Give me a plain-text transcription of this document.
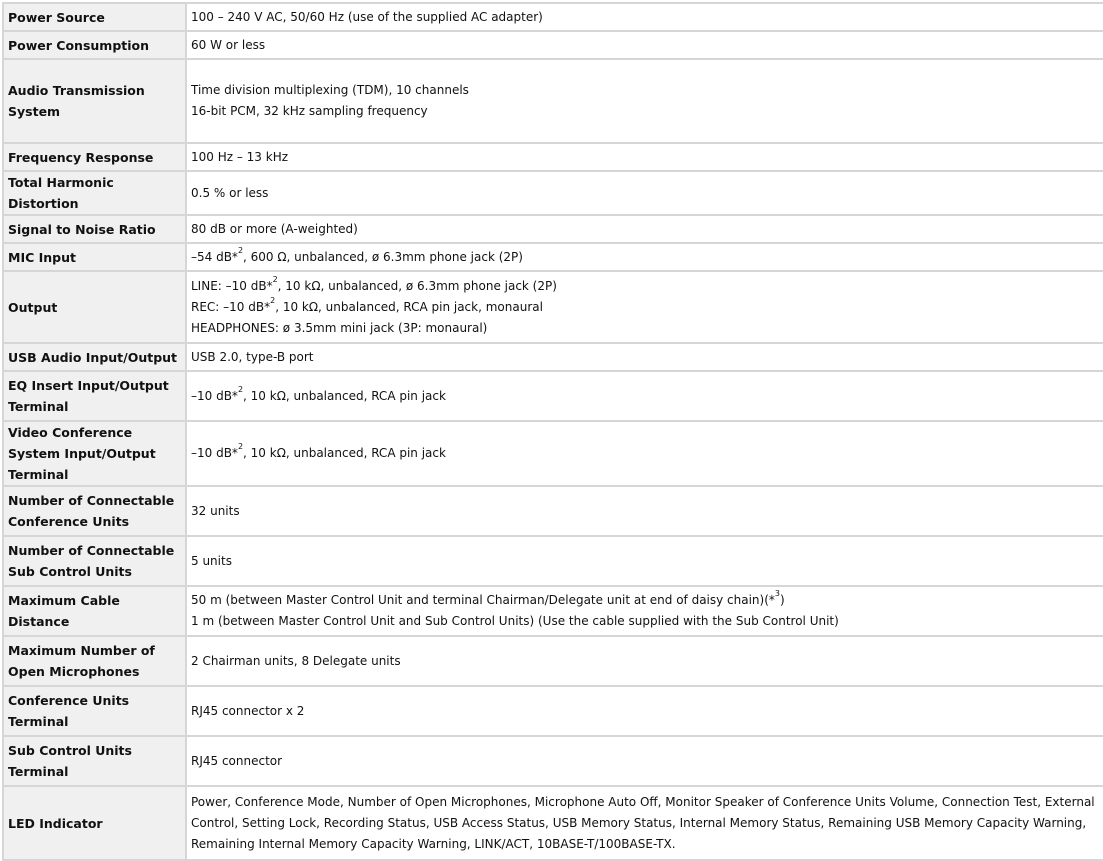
Power Source	100 – 240 V AC, 50/60 Hz (use of the supplied AC adapter)

Power Consumption	60 W or less

Audio Transmission System	Time division multiplexing (TDM), 10 channels
16-bit PCM, 32 kHz sampling frequency

Frequency Response	100 Hz – 13 kHz

Total Harmonic Distortion	0.5 % or less

Signal to Noise Ratio	80 dB or more (A-weighted)

MIC Input	–54 dB*$^2$, 600 Ω, unbalanced, ø 6.3mm phone jack (2P)

Output	LINE: –10 dB*$^2$, 10 kΩ, unbalanced, ø 6.3mm phone jack (2P)
REC: –10 dB*$^2$, 10 kΩ, unbalanced, RCA pin jack, monaural
HEADPHONES: ø 3.5mm mini jack (3P: monaural)

USB Audio Input/Output	USB 2.0, type-B port

EQ Insert Input/Output Terminal	–10 dB*$^2$, 10 kΩ, unbalanced, RCA pin jack

Video Conference System Input/Output Terminal	–10 dB*$^2$, 10 kΩ, unbalanced, RCA pin jack

Number of Connectable Conference Units	32 units

Number of Connectable Sub Control Units	5 units

Maximum Cable Distance	50 m (between Master Control Unit and terminal Chairman/Delegate unit at end of daisy chain)(*$^3$)
1 m (between Master Control Unit and Sub Control Units) (Use the cable supplied with the Sub Control Unit)

Maximum Number of Open Microphones	2 Chairman units, 8 Delegate units

Conference Units Terminal	RJ45 connector x 2

Sub Control Units Terminal	RJ45 connector

LED Indicator	Power, Conference Mode, Number of Open Microphones, Microphone Auto Off, Monitor Speaker of Conference Units Volume, Connection Test, External Control, Setting Lock, Recording Status, USB Access Status, USB Memory Status, Internal Memory Status, Remaining USB Memory Capacity Warning, Remaining Internal Memory Capacity Warning, LINK/ACT, 10BASE-T/100BASE-TX.
